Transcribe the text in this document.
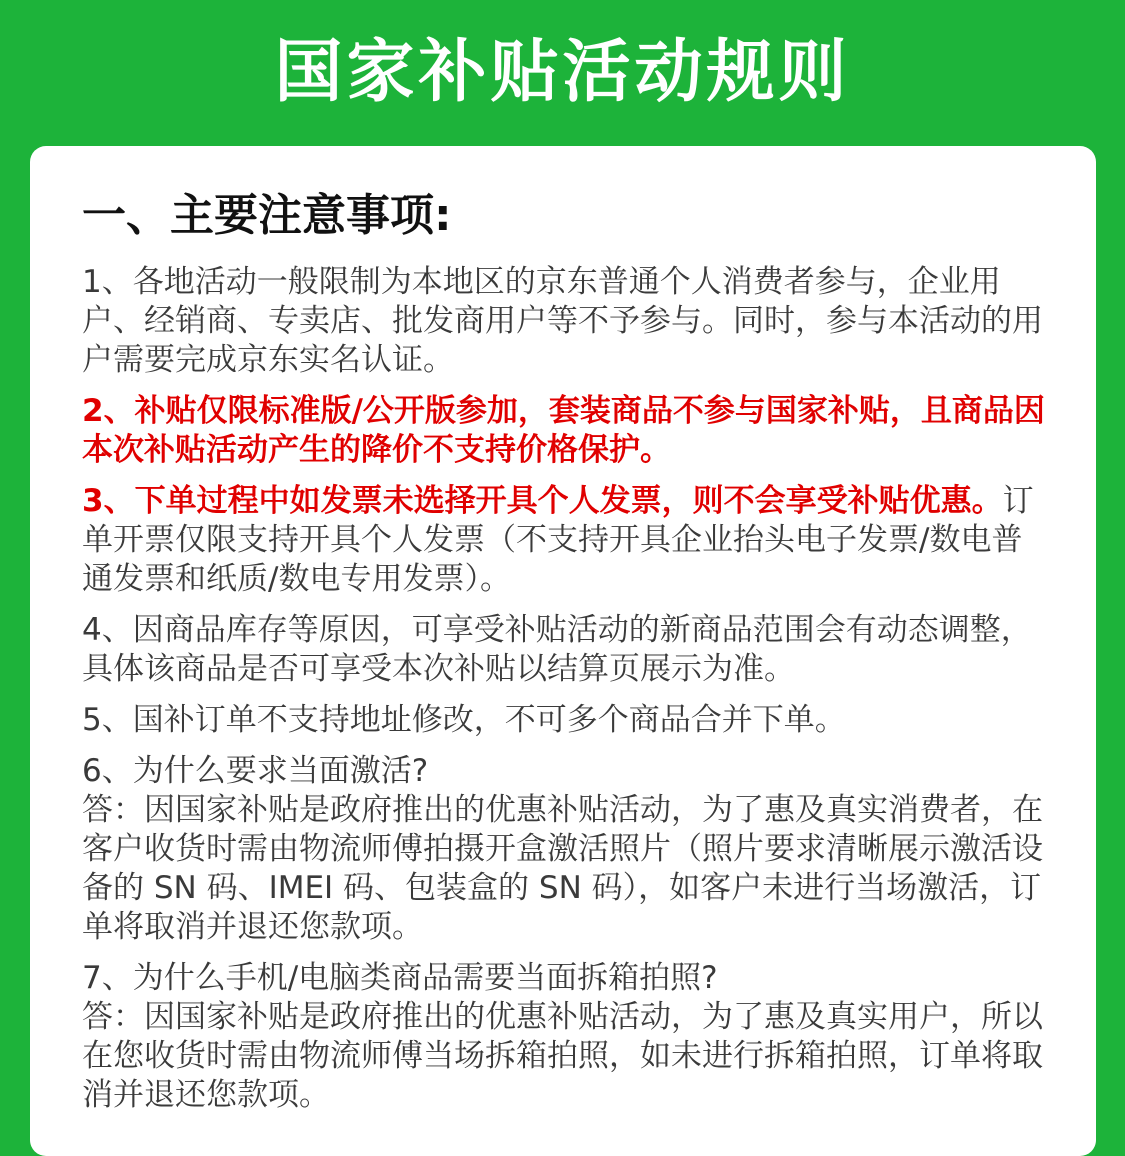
国家补贴活动规则
一、主要注意事项:

1、各地活动一般限制为本地区的京东普通个人消费者参与，企业用
户、经销商、专卖店、批发商用户等不予参与。同时，参与本活动的用
户需要完成京东实名认证。

2、补贴仅限标准版/公开版参加，套装商品不参与国家补贴，且商品因
本次补贴活动产生的降价不支持价格保护。

3、下单过程中如发票未选择开具个人发票，则不会享受补贴优惠。订
单开票仅限支持开具个人发票（不支持开具企业抬头电子发票/数电普
通发票和纸质/数电专用发票）。

4、因商品库存等原因，可享受补贴活动的新商品范围会有动态调整，
具体该商品是否可享受本次补贴以结算页展示为准。

5、国补订单不支持地址修改，不可多个商品合并下单。

6、为什么要求当面激活?
答：因国家补贴是政府推出的优惠补贴活动，为了惠及真实消费者，在
客户收货时需由物流师傅拍摄开盒激活照片（照片要求清晰展示激活设
备的 SN 码、IMEI 码、包装盒的 SN 码），如客户未进行当场激活，订
单将取消并退还您款项。

7、为什么手机/电脑类商品需要当面拆箱拍照?
答：因国家补贴是政府推出的优惠补贴活动，为了惠及真实用户，所以
在您收货时需由物流师傅当场拆箱拍照，如未进行拆箱拍照，订单将取
消并退还您款项。
